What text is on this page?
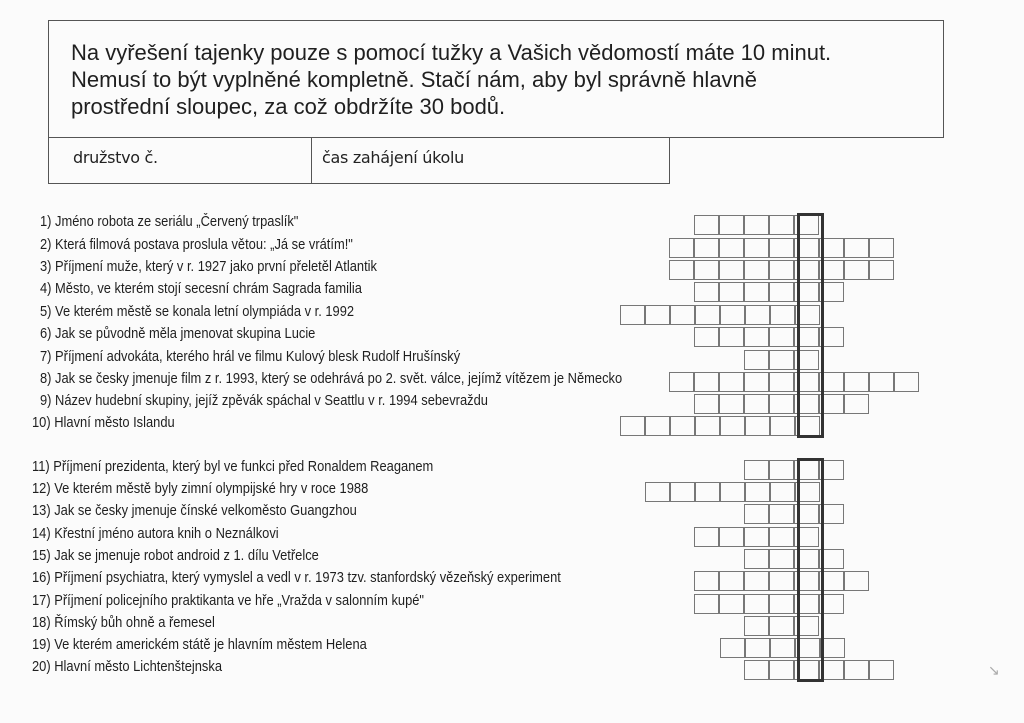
Na vyřešení tajenky pouze s pomocí tužky a Vašich vědomostí máte 10 minut.
Nemusí to být vyplněné kompletně. Stačí nám, aby byl správně hlavně
prostřední sloupec, za což obdržíte 30 bodů.
družstvo č.	čas zahájení úkolu
1) Jméno robota ze seriálu „Červený trpaslík"
2) Která filmová postava proslula větou: „Já se vrátím!"
3) Příjmení muže, který v r. 1927 jako první přeletěl Atlantik
4) Město, ve kterém stojí secesní chrám Sagrada familia
5) Ve kterém městě se konala letní olympiáda v r. 1992
6) Jak se původně měla jmenovat skupina Lucie
7) Příjmení advokáta, kterého hrál ve filmu Kulový blesk Rudolf Hrušínský
8) Jak se česky jmenuje film z r. 1993, který se odehrává po 2. svět. válce, jejímž vítězem je Německo
9) Název hudební skupiny, jejíž zpěvák spáchal v Seattlu v r. 1994 sebevraždu
10) Hlavní město Islandu
11) Příjmení prezidenta, který byl ve funkci před Ronaldem Reaganem
12) Ve kterém městě byly zimní olympijské hry v roce 1988
13) Jak se česky jmenuje čínské velkoměsto Guangzhou
14) Křestní jméno autora knih o Neználkovi
15) Jak se jmenuje robot android z 1. dílu Vetřelce
16) Příjmení psychiatra, který vymyslel a vedl v r. 1973 tzv. stanfordský vězeňský experiment
17) Příjmení policejního praktikanta ve hře „Vražda v salonním kupé"
18) Římský bůh ohně a řemesel
19) Ve kterém americkém státě je hlavním městem Helena
20) Hlavní město Lichtenštejnska	↘
